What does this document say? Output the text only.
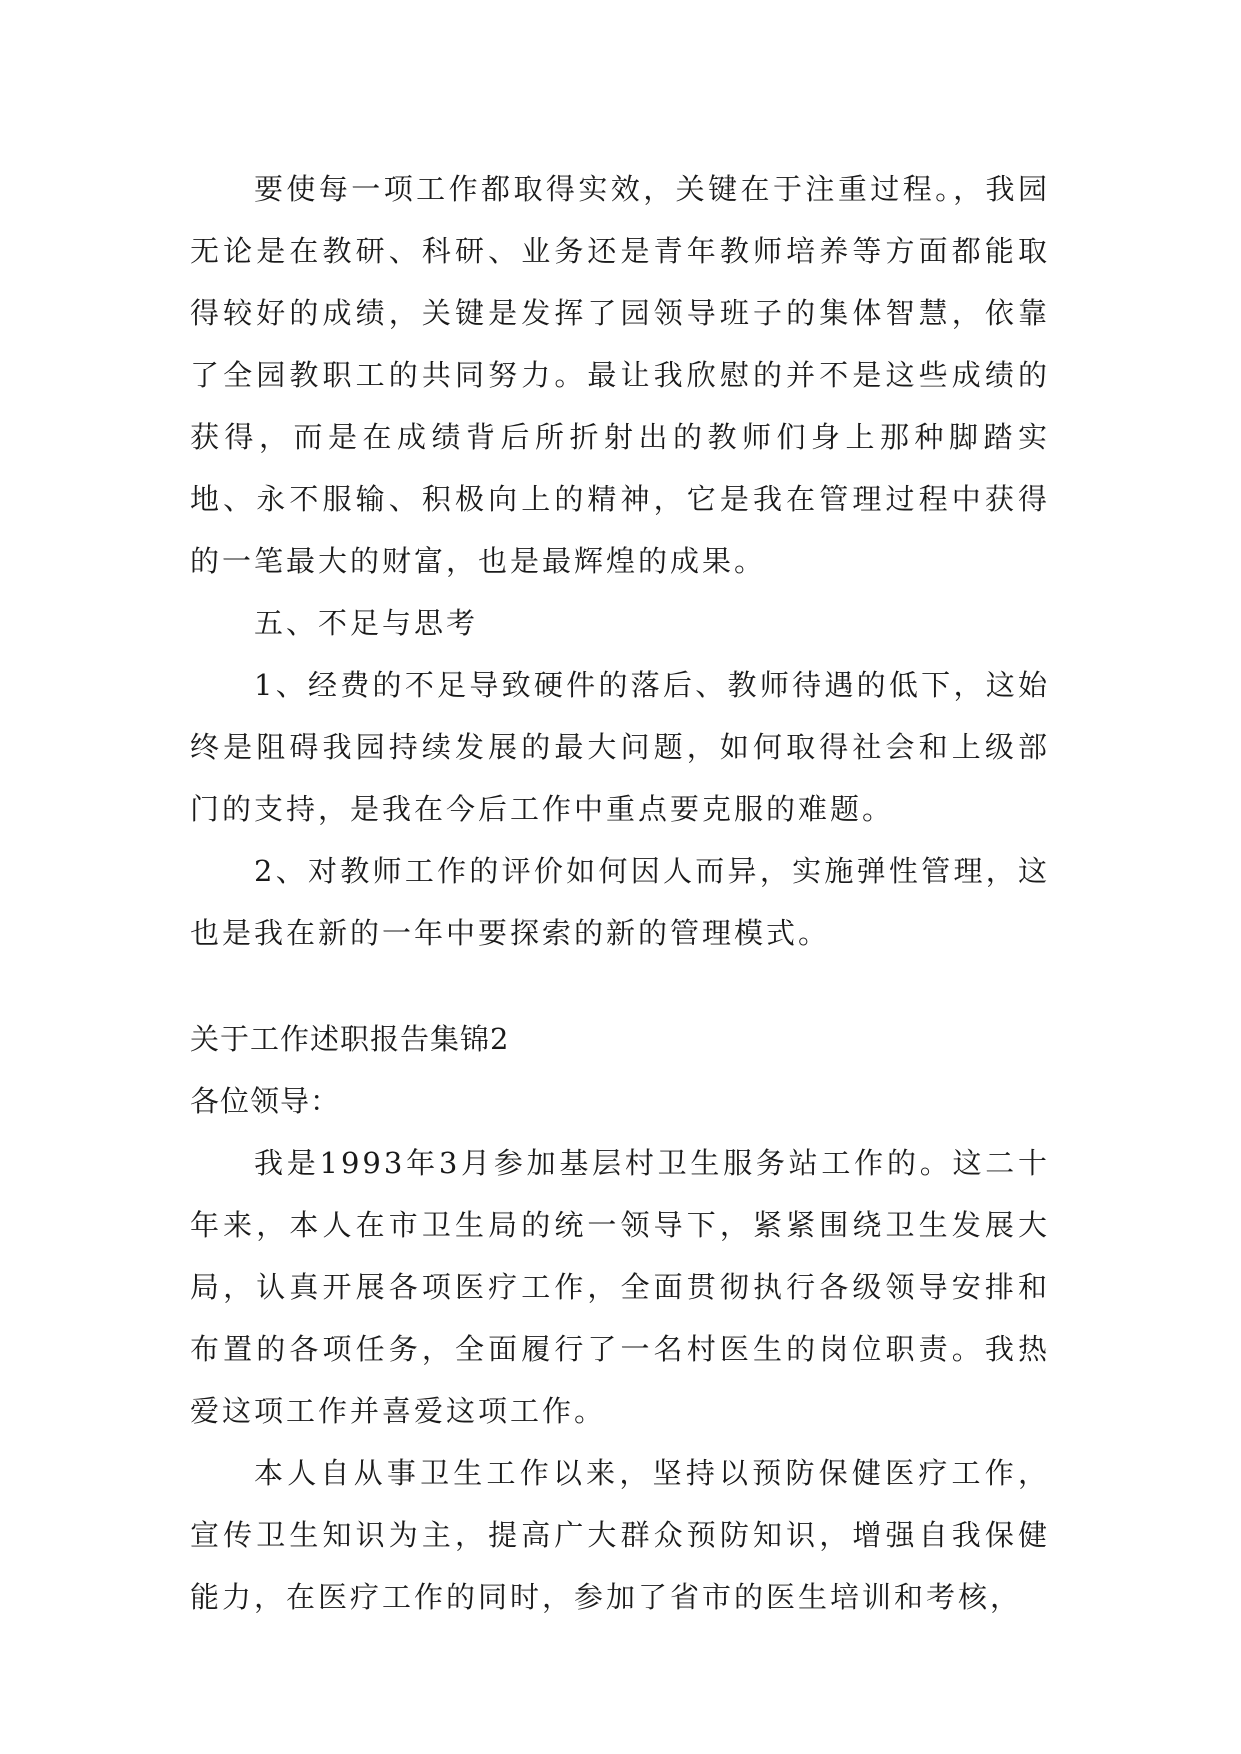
要使每一项工作都取得实效，关键在于注重过程。，我园无论是在教研、科研、业务还是青年教师培养等方面都能取得较好的成绩，关键是发挥了园领导班子的集体智慧，依靠了全园教职工的共同努力。最让我欣慰的并不是这些成绩的获得，而是在成绩背后所折射出的教师们身上那种脚踏实地、永不服输、积极向上的精神，它是我在管理过程中获得的一笔最大的财富，也是最辉煌的成果。

五、不足与思考

1、经费的不足导致硬件的落后、教师待遇的低下，这始终是阻碍我园持续发展的最大问题，如何取得社会和上级部门的支持，是我在今后工作中重点要克服的难题。

2、对教师工作的评价如何因人而异，实施弹性管理，这也是我在新的一年中要探索的新的管理模式。

关于工作述职报告集锦2

各位领导：

我是1993年3月参加基层村卫生服务站工作的。这二十年来，本人在市卫生局的统一领导下，紧紧围绕卫生发展大局，认真开展各项医疗工作，全面贯彻执行各级领导安排和布置的各项任务，全面履行了一名村医生的岗位职责。我热爱这项工作并喜爱这项工作。

本人自从事卫生工作以来，坚持以预防保健医疗工作，宣传卫生知识为主，提高广大群众预防知识，增强自我保健能力，在医疗工作的同时，参加了省市的医生培训和考核，
